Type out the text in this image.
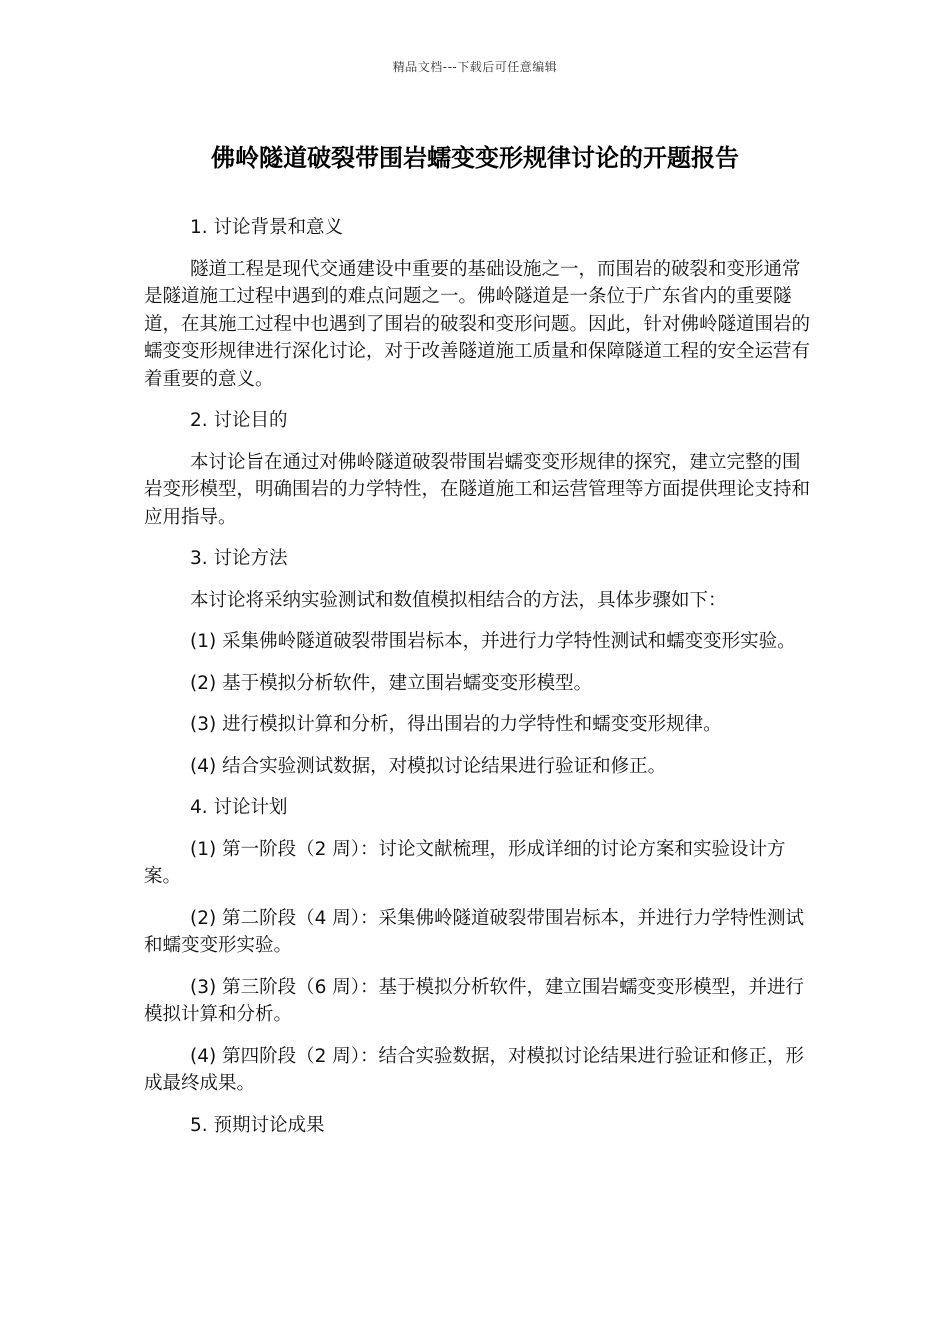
精品文档---下载后可任意编辑
佛岭隧道破裂带围岩蠕变变形规律讨论的开题报告

1. 讨论背景和意义

隧道工程是现代交通建设中重要的基础设施之一，而围岩的破裂和变形通常是隧道施工过程中遇到的难点问题之一。佛岭隧道是一条位于广东省内的重要隧道，在其施工过程中也遇到了围岩的破裂和变形问题。因此，针对佛岭隧道围岩的蠕变变形规律进行深化讨论，对于改善隧道施工质量和保障隧道工程的安全运营有着重要的意义。

2. 讨论目的

本讨论旨在通过对佛岭隧道破裂带围岩蠕变变形规律的探究，建立完整的围岩变形模型，明确围岩的力学特性，在隧道施工和运营管理等方面提供理论支持和应用指导。

3. 讨论方法

本讨论将采纳实验测试和数值模拟相结合的方法，具体步骤如下：

(1) 采集佛岭隧道破裂带围岩标本，并进行力学特性测试和蠕变变形实验。

(2) 基于模拟分析软件，建立围岩蠕变变形模型。

(3) 进行模拟计算和分析，得出围岩的力学特性和蠕变变形规律。

(4) 结合实验测试数据，对模拟讨论结果进行验证和修正。

4. 讨论计划

(1) 第一阶段（2 周）：讨论文献梳理，形成详细的讨论方案和实验设计方案。

(2) 第二阶段（4 周）：采集佛岭隧道破裂带围岩标本，并进行力学特性测试和蠕变变形实验。

(3) 第三阶段（6 周）：基于模拟分析软件，建立围岩蠕变变形模型，并进行模拟计算和分析。

(4) 第四阶段（2 周）：结合实验数据，对模拟讨论结果进行验证和修正，形成最终成果。

5. 预期讨论成果
